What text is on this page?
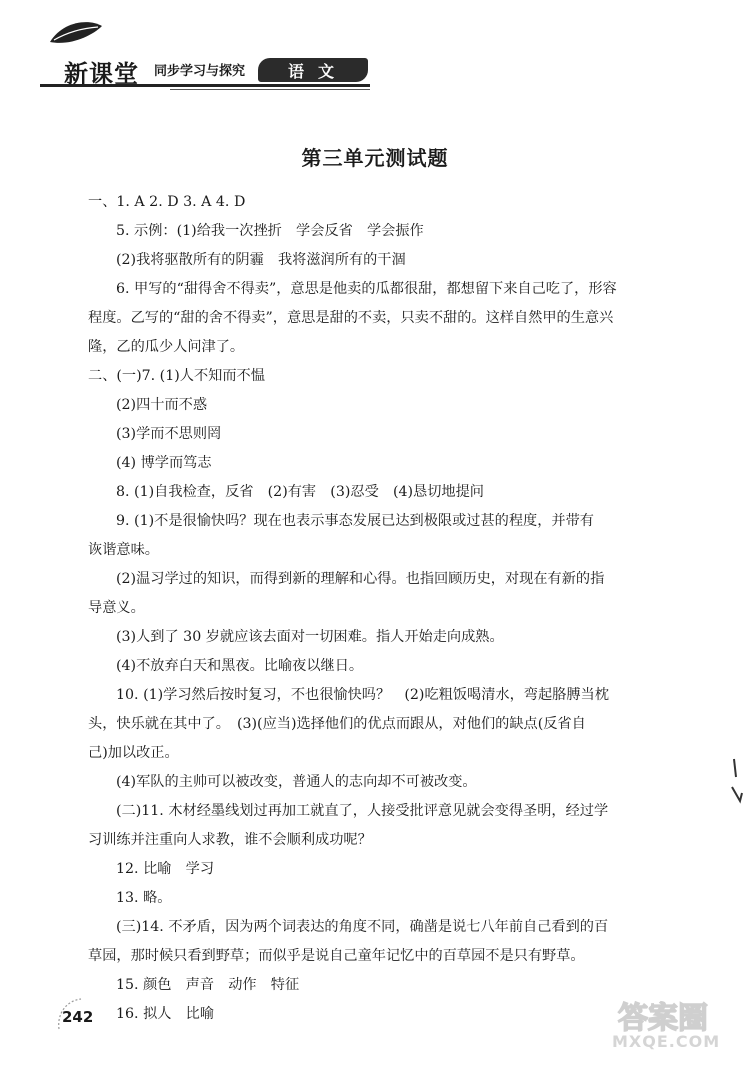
新课堂 同步学习与探究	语文
第三单元测试题
一、1. A 2. D 3. A 4. D
5. 示例：(1)给我一次挫折　学会反省　学会振作
(2)我将驱散所有的阴霾　我将滋润所有的干涸
6. 甲写的“甜得舍不得卖”，意思是他卖的瓜都很甜，都想留下来自己吃了，形容
程度。乙写的“甜的舍不得卖”，意思是甜的不卖，只卖不甜的。这样自然甲的生意兴
隆，乙的瓜少人问津了。
二、(一)7. (1)人不知而不愠
(2)四十而不惑
(3)学而不思则罔
(4) 博学而笃志
8. (1)自我检查，反省　(2)有害　(3)忍受　(4)恳切地提问
9. (1)不是很愉快吗？现在也表示事态发展已达到极限或过甚的程度，并带有
诙谐意味。
(2)温习学过的知识，而得到新的理解和心得。也指回顾历史，对现在有新的指
导意义。
(3)人到了 30 岁就应该去面对一切困难。指人开始走向成熟。
(4)不放弃白天和黑夜。比喻夜以继日。
10. (1)学习然后按时复习，不也很愉快吗？　(2)吃粗饭喝清水，弯起胳膊当枕
头，快乐就在其中了。　(3)(应当)选择他们的优点而跟从，对他们的缺点(反省自
己)加以改正。
(4)军队的主帅可以被改变，普通人的志向却不可被改变。
(二)11. 木材经墨线划过再加工就直了，人接受批评意见就会变得圣明，经过学
习训练并注重向人求教，谁不会顺利成功呢？
12. 比喻　学习
13. 略。
(三)14. 不矛盾，因为两个词表达的角度不同，确凿是说七八年前自己看到的百
草园，那时候只看到野草；而似乎是说自己童年记忆中的百草园不是只有野草。
15. 颜色　声音　动作　特征
16. 拟人　比喻
242	答案圈
MXQE.COM
